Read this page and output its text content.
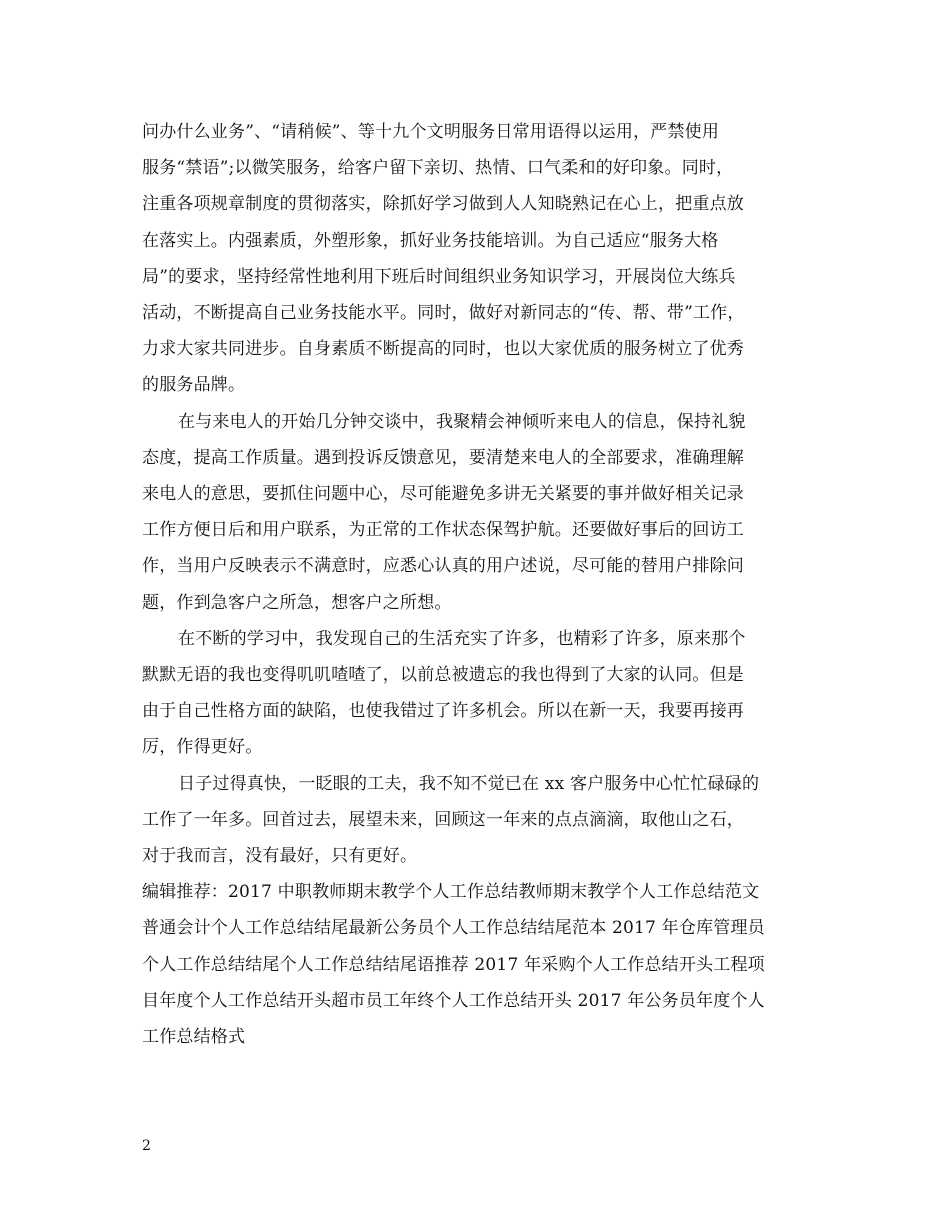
问办什么业务”、“请稍候”、等十九个文明服务日常用语得以运用，严禁使用
服务“禁语”;以微笑服务，给客户留下亲切、热情、口气柔和的好印象。同时，
注重各项规章制度的贯彻落实，除抓好学习做到人人知晓熟记在心上，把重点放
在落实上。内强素质，外塑形象，抓好业务技能培训。为自己适应“服务大格
局”的要求，坚持经常性地利用下班后时间组织业务知识学习，开展岗位大练兵
活动，不断提高自己业务技能水平。同时，做好对新同志的“传、帮、带”工作，
力求大家共同进步。自身素质不断提高的同时，也以大家优质的服务树立了优秀
的服务品牌。

在与来电人的开始几分钟交谈中，我聚精会神倾听来电人的信息，保持礼貌
态度，提高工作质量。遇到投诉反馈意见，要清楚来电人的全部要求，准确理解
来电人的意思，要抓住问题中心，尽可能避免多讲无关紧要的事并做好相关记录
工作方便日后和用户联系，为正常的工作状态保驾护航。还要做好事后的回访工
作，当用户反映表示不满意时，应悉心认真的用户述说，尽可能的替用户排除问
题，作到急客户之所急，想客户之所想。

在不断的学习中，我发现自己的生活充实了许多，也精彩了许多，原来那个
默默无语的我也变得叽叽喳喳了，以前总被遗忘的我也得到了大家的认同。但是
由于自己性格方面的缺陷，也使我错过了许多机会。所以在新一天，我要再接再
厉，作得更好。

日子过得真快，一眨眼的工夫，我不知不觉已在 xx 客户服务中心忙忙碌碌的
工作了一年多。回首过去，展望未来，回顾这一年来的点点滴滴，取他山之石，
对于我而言，没有最好，只有更好。

编辑推荐：2017 中职教师期末教学个人工作总结教师期末教学个人工作总结范文
普通会计个人工作总结结尾最新公务员个人工作总结结尾范本 2017 年仓库管理员
个人工作总结结尾个人工作总结结尾语推荐 2017 年采购个人工作总结开头工程项
目年度个人工作总结开头超市员工年终个人工作总结开头 2017 年公务员年度个人
工作总结格式

2
